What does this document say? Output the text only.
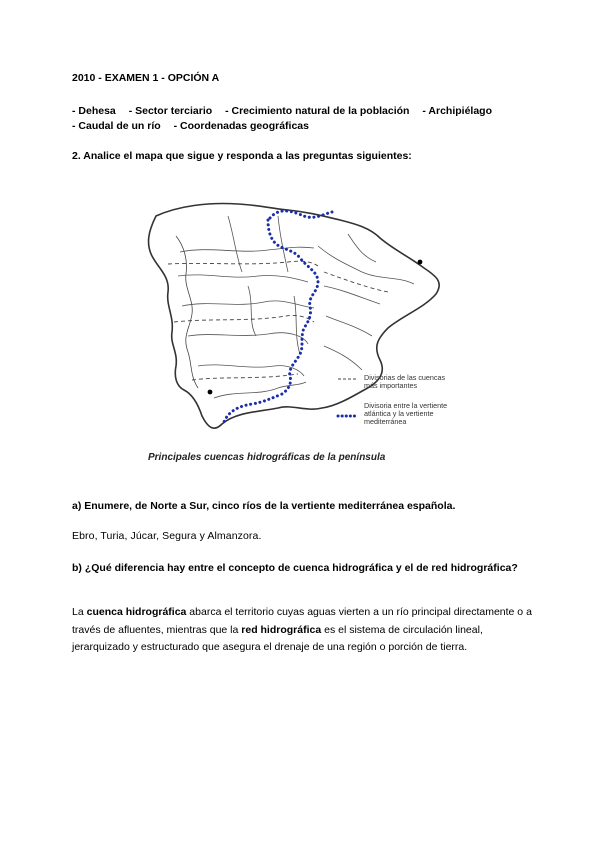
2010 - EXAMEN 1 - OPCIÓN A
- Dehesa - Sector terciario - Crecimiento natural de la población - Archipiélago
- Caudal de un río - Coordenadas geográficas
2. Analice el mapa que sigue y responda a las preguntas siguientes:
Divisorias de las cuencas
más importantes
Divisoria entre la vertiente
atlántica y la vertiente
mediterránea
Principales cuencas hidrográficas de la península
a) Enumere, de Norte a Sur, cinco ríos de la vertiente mediterránea española.
Ebro, Turia, Júcar, Segura y Almanzora.
b) ¿Qué diferencia hay entre el concepto de cuenca hidrográfica y el de red hidrográfica?
La cuenca hidrográfica abarca el territorio cuyas aguas vierten a un río principal directamente o a través de afluentes, mientras que la red hidrográfica es el sistema de circulación lineal, jerarquizado y estructurado que asegura el drenaje de una región o porción de tierra.
